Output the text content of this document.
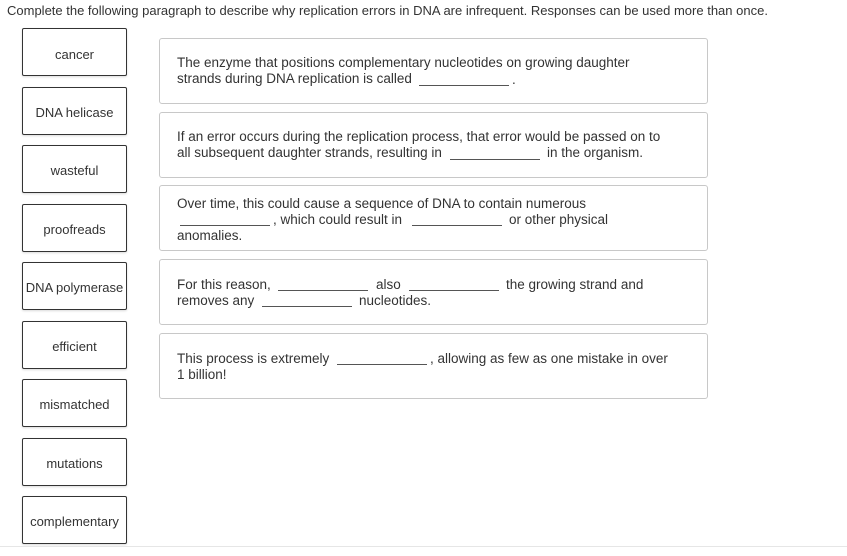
Complete the following paragraph to describe why replication errors in DNA are infrequent. Responses can be used more than once.
cancer
DNA helicase
wasteful
proofreads
DNA polymerase
efficient
mismatched
mutations
complementary
The enzyme that positions complementary nucleotides on growing daughter
strands during DNA replication is called	.
If an error occurs during the replication process, that error would be passed on to
all subsequent daughter strands, resulting in	in the organism.
Over time, this could cause a sequence of DNA to contain numerous
, which could result in	or other physical
anomalies.
For this reason,	also	the growing strand and
removes any	nucleotides.
This process is extremely	, allowing as few as one mistake in over
1 billion!
